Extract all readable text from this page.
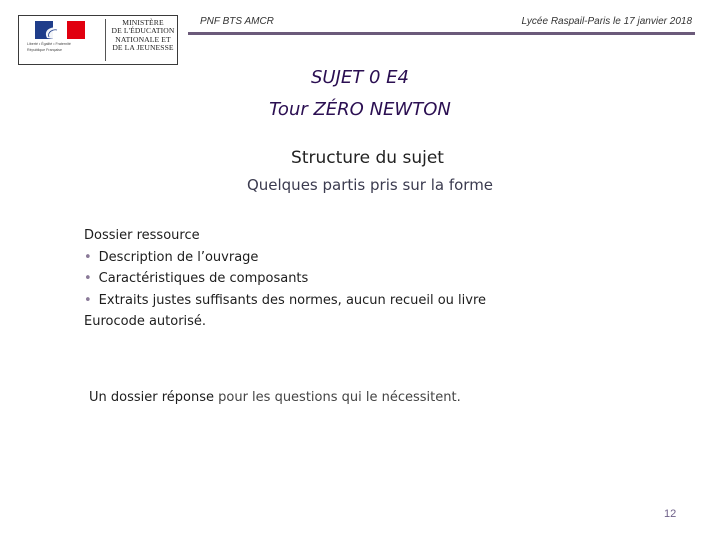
Liberté • Égalité • Fraternité
République Française
MINISTÈRE
DE L'ÉDUCATION
NATIONALE ET
DE LA JEUNESSE
PNF BTS AMCR	Lycée Raspail-Paris le 17 janvier 2018
SUJET 0 E4
Tour ZÉRO NEWTON
Structure du sujet
Quelques partis pris sur la forme
Dossier ressource
• Description de l’ouvrage
• Caractéristiques de composants
• Extraits justes suffisants des normes, aucun recueil ou livre
Eurocode autorisé.
Un dossier réponse pour les questions qui le nécessitent.
12
